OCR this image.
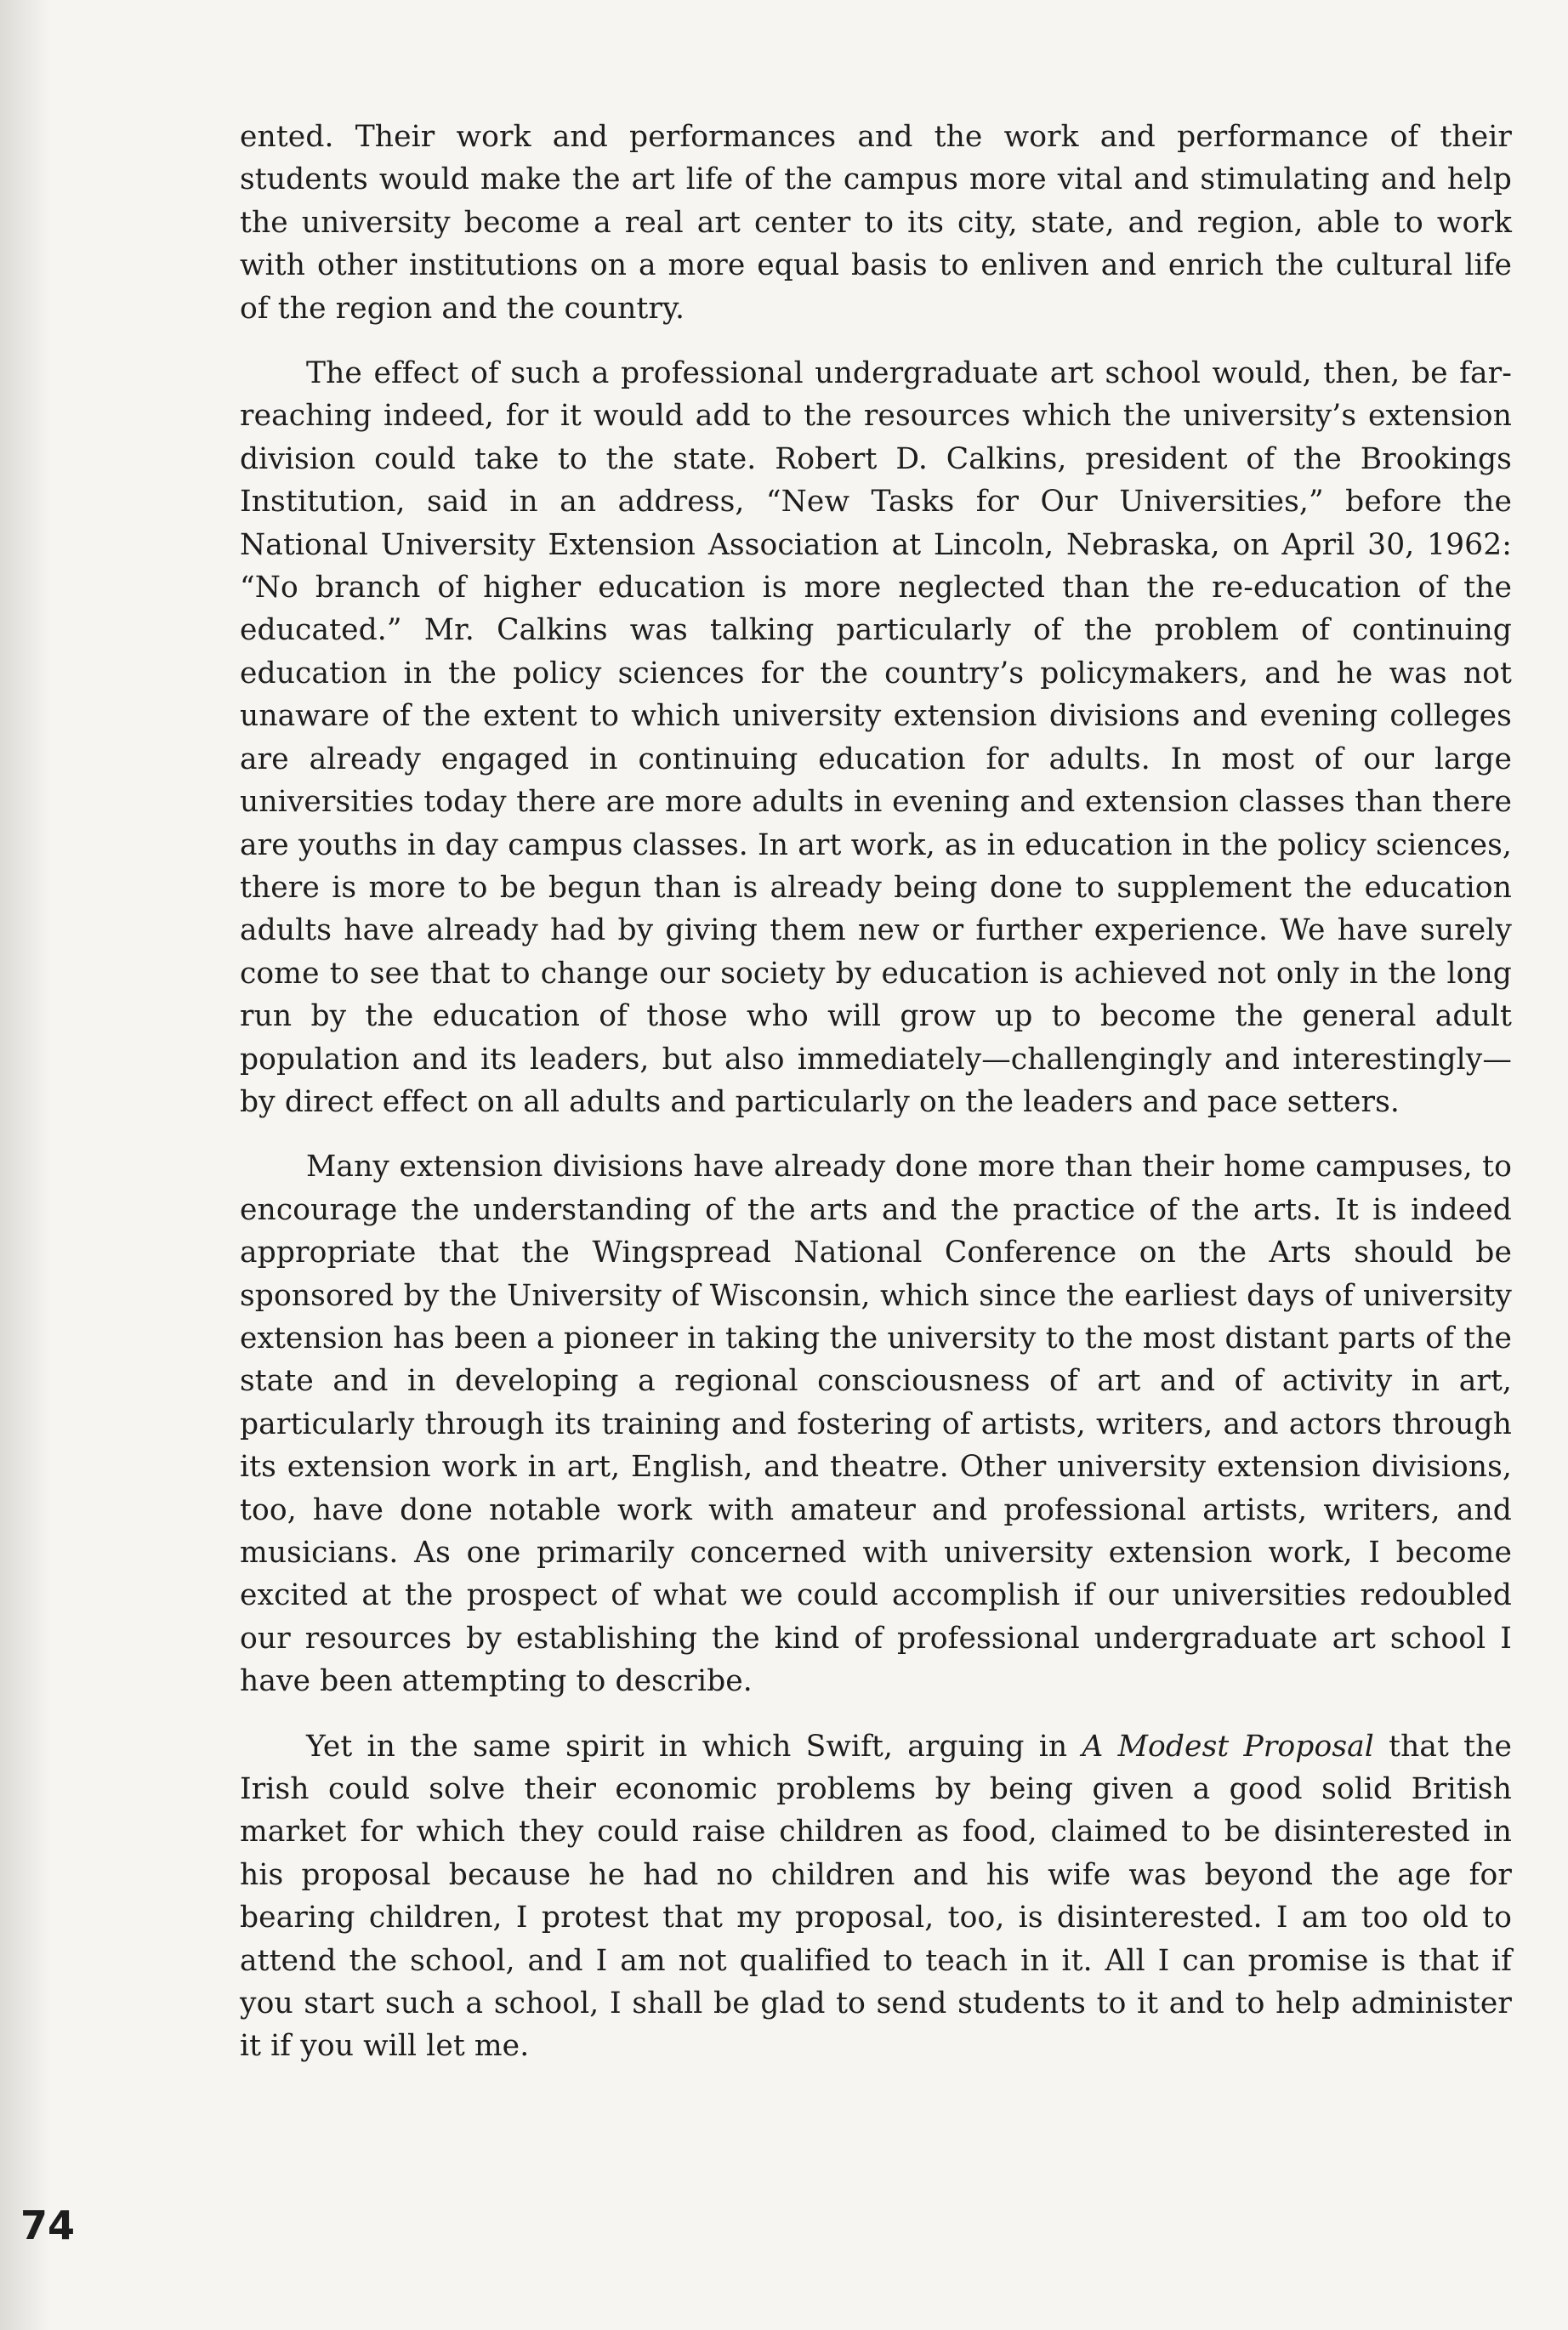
ented. Their work and performances and the work and performance of their students would make the art life of the campus more vital and stimulating and help the university become a real art center to its city, state, and region, able to work with other institutions on a more equal basis to enliven and enrich the cultural life of the region and the country.

The effect of such a professional undergraduate art school would, then, be far-reaching indeed, for it would add to the resources which the university’s extension division could take to the state. Robert D. Calkins, president of the Brookings Institution, said in an address, “New Tasks for Our Universities,” before the National University Extension Association at Lincoln, Nebraska, on April 30, 1962: “No branch of higher education is more neglected than the re-education of the educated.” Mr. Calkins was talking particularly of the problem of continuing education in the policy sciences for the country’s policymakers, and he was not unaware of the extent to which university extension divisions and evening colleges are already engaged in continuing education for adults. In most of our large universities today there are more adults in evening and extension classes than there are youths in day campus classes. In art work, as in education in the policy sciences, there is more to be begun than is already being done to supplement the education adults have already had by giving them new or further experience. We have surely come to see that to change our society by education is achieved not only in the long run by the education of those who will grow up to become the general adult population and its leaders, but also immediately—challengingly and interestingly—by direct effect on all adults and particularly on the leaders and pace setters.

Many extension divisions have already done more than their home campuses, to encourage the understanding of the arts and the practice of the arts. It is indeed appropriate that the Wingspread National Conference on the Arts should be sponsored by the University of Wisconsin, which since the earliest days of university extension has been a pioneer in taking the university to the most distant parts of the state and in developing a regional consciousness of art and of activity in art, particularly through its training and fostering of artists, writers, and actors through its extension work in art, English, and theatre. Other university extension divisions, too, have done notable work with amateur and professional artists, writers, and musicians. As one primarily concerned with university extension work, I become excited at the prospect of what we could accomplish if our universities redoubled our resources by establishing the kind of professional undergraduate art school I have been attempting to describe.

Yet in the same spirit in which Swift, arguing in A Modest Proposal that the Irish could solve their economic problems by being given a good solid British market for which they could raise children as food, claimed to be disinterested in his proposal because he had no children and his wife was beyond the age for bearing children, I protest that my proposal, too, is disinterested. I am too old to attend the school, and I am not qualified to teach in it. All I can promise is that if you start such a school, I shall be glad to send students to it and to help administer it if you will let me.

74
